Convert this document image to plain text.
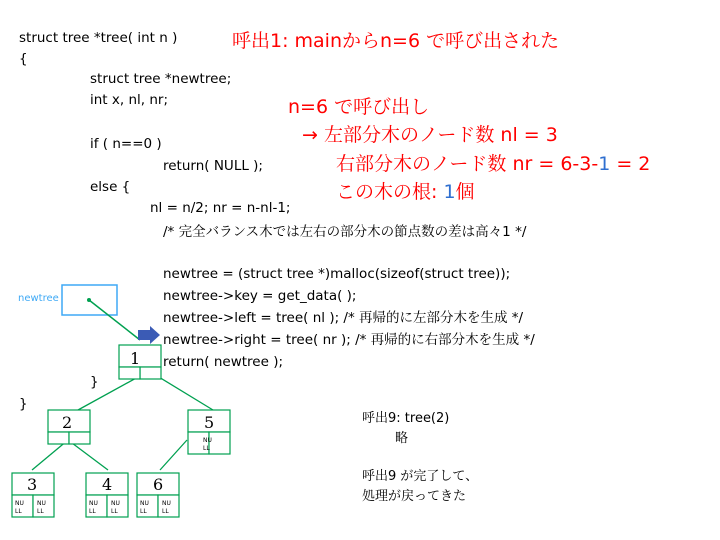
struct tree *tree( int n )
{
struct tree *newtree;
int x, nl, nr;
if ( n==0 )
return( NULL );
else {
nl = n/2; nr = n-nl-1;
/* 完全バランス木では左右の部分木の節点数の差は高々1 */
newtree = (struct tree *)malloc(sizeof(struct tree));
newtree->key = get_data( );
newtree->left = tree( nl ); /* 再帰的に左部分木を生成 */
newtree->right = tree( nr ); /* 再帰的に右部分木を生成 */
return( newtree );
}
}
呼出1: mainからn=6 で呼び出された
n=6 で呼び出し
→ 左部分木のノード数 nl = 3
右部分木のノード数 nr = 6-3-1 = 2
この木の根: 1個
呼出9: tree(2)
略
呼出9 が完了して、
処理が戻ってきた
newtree
1
2	5
NU
LL
3
NU
LL
NU
LL
4
NU
LL
NU
LL
6
NU
LL
NU
LL
